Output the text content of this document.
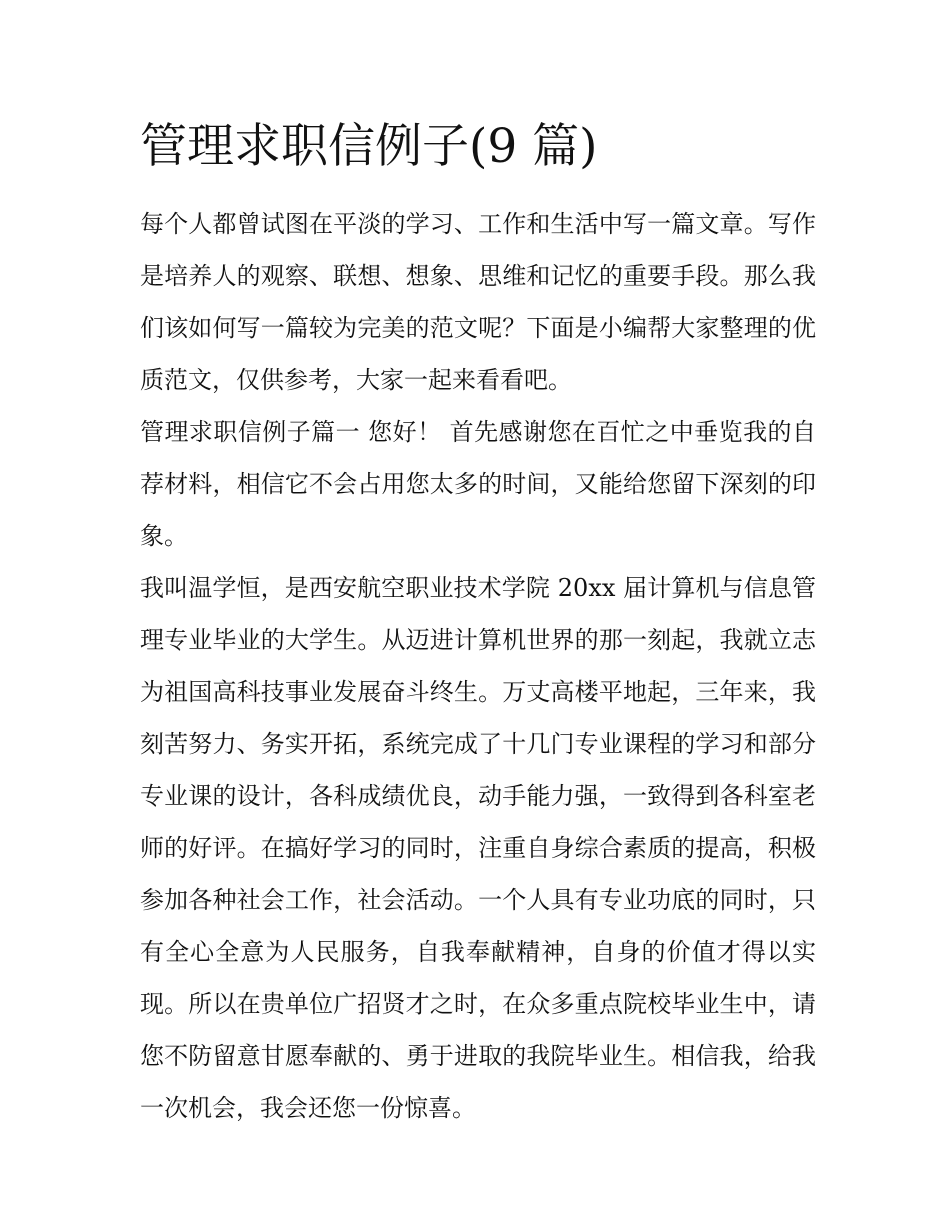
管理求职信例子(9 篇)

每个人都曾试图在平淡的学习、工作和生活中写一篇文章。写作是培养人的观察、联想、想象、思维和记忆的重要手段。那么我们该如何写一篇较为完美的范文呢？下面是小编帮大家整理的优质范文，仅供参考，大家一起来看看吧。

管理求职信例子篇一 您好！ 首先感谢您在百忙之中垂览我的自荐材料，相信它不会占用您太多的时间，又能给您留下深刻的印象。

我叫温学恒，是西安航空职业技术学院 20xx 届计算机与信息管理专业毕业的大学生。从迈进计算机世界的那一刻起，我就立志为祖国高科技事业发展奋斗终生。万丈高楼平地起，三年来，我刻苦努力、务实开拓，系统完成了十几门专业课程的学习和部分专业课的设计，各科成绩优良，动手能力强，一致得到各科室老师的好评。在搞好学习的同时，注重自身综合素质的提高，积极参加各种社会工作，社会活动。一个人具有专业功底的同时，只有全心全意为人民服务，自我奉献精神，自身的价值才得以实现。所以在贵单位广招贤才之时，在众多重点院校毕业生中，请您不防留意甘愿奉献的、勇于进取的我院毕业生。相信我，给我一次机会，我会还您一份惊喜。
